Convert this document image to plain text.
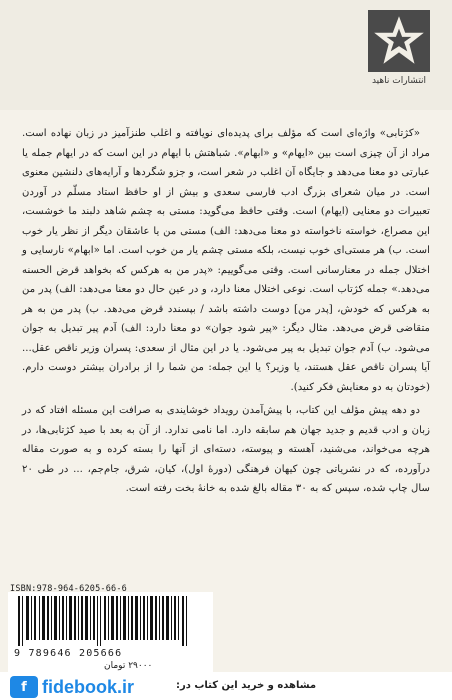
انتشارات ناهید

«کژتابی» واژه‌ای است که مؤلف برای پدیده‌ای نویافته و اغلب طنزآمیز در زبان نهاده است. مراد از آن چیزی است بین «ایهام» و «ابهام». شباهتش با ایهام در این است که در ایهام جمله یا عبارتی دو معنا می‌دهد و جایگاه آن اغلب در شعر است، و جزو شگردها و آرایه‌های دلنشین معنوی است. در میان شعرای بزرگ ادب فارسی سعدی و بیش از او حافظ استاد مسلّم در آوردن تعبیرات دو معنایی (ایهام) است. وقتی حافظ می‌گوید: مستی به چشم شاهد دلبند ما خوشست، این مصراع، خواسته ناخواسته دو معنا می‌دهد: الف) مستی من یا عاشقان دیگر از نظر یار خوب است. ب) هر مستی‌ای خوب نیست، بلکه مستی چشم یار من خوب است. اما «ابهام» نارسایی و اختلال جمله در معنارسانی است. وقتی می‌گوییم: «پدر من به هرکس که بخواهد قرض الحسنه می‌دهد.» جمله کژتاب است. نوعی اختلال معنا دارد، و در عین حال دو معنا می‌دهد: الف) پدر من به هرکس که خودش، [پدر من] دوست داشته باشد / بپسندد قرض می‌دهد. ب) پدر من به هر متقاضی قرض می‌دهد. مثال دیگر: «پیر شود جوان» دو معنا دارد: الف) آدم پیر تبدیل به جوان می‌شود. ب) آدم جوان تبدیل به پیر می‌شود. یا در این مثال از سعدی: پسران وزیر ناقص عقل... آیا پسران ناقص عقل هستند، یا وزیر؟ یا این جمله: من شما را از برادران بیشتر دوست دارم. (خودتان به دو معنایش فکر کنید).

دو دهه پیش مؤلف این کتاب، با پیش‌آمدن رویداد خوشایندی به صرافت این مسئله افتاد که در زبان و ادب قدیم و جدید جهان هم سابقه دارد. اما نامی ندارد. از آن به بعد با صید کژتابی‌ها، در هرچه می‌خواند، می‌شنید، آهسته و پیوسته، دسته‌ای از آنها را بسته کرده و به صورت مقاله درآورده، که در نشریاتی چون کیهان فرهنگی (دورهٔ اول)، کیان، شرق، جام‌جم، ... در طی ۲۰ سال چاپ شده، سپس که به ۳۰ مقاله بالغ شده به خانهٔ بخت رفته است.

ISBN:978-964-6205-66-6
9 789646 205666
۲۹۰۰۰ تومان
f fidebook.ir	مشاهده و خرید این کتاب در:
